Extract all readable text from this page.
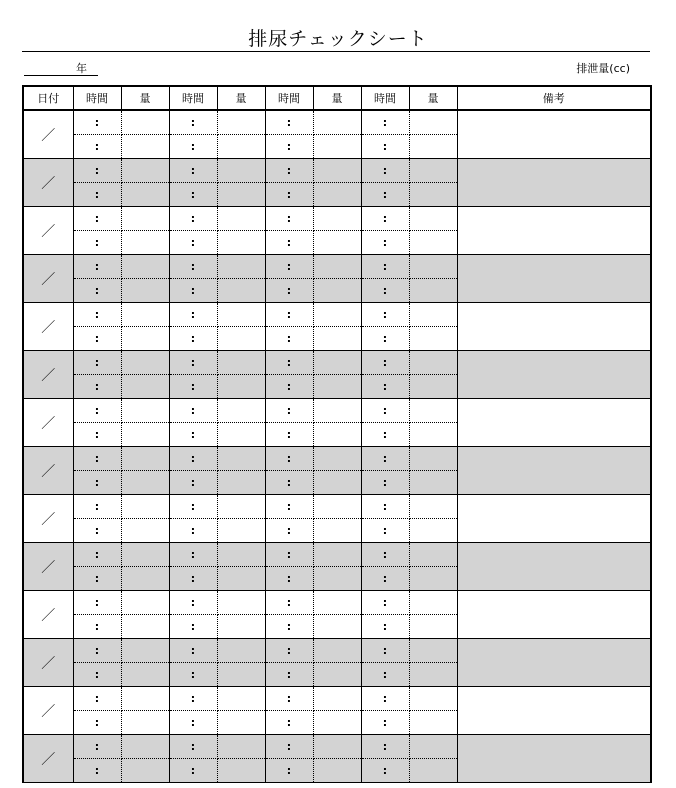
排尿チェックシート
年	排泄量(cc)
日付	時間	量	時間	量	時間	量	時間	量	備考
／	:		:		:		:		
	:		:		:		:		
／	:		:		:		:		
	:		:		:		:		
／	:		:		:		:		
	:		:		:		:		
／	:		:		:		:		
	:		:		:		:		
／	:		:		:		:		
	:		:		:		:		
／	:		:		:		:		
	:		:		:		:		
／	:		:		:		:		
	:		:		:		:		
／	:		:		:		:		
	:		:		:		:		
／	:		:		:		:		
	:		:		:		:		
／	:		:		:		:		
	:		:		:		:		
／	:		:		:		:		
	:		:		:		:		
／	:		:		:		:		
	:		:		:		:		
／	:		:		:		:		
	:		:		:		:		
／	:		:		:		:		
	:		:		:		:		
